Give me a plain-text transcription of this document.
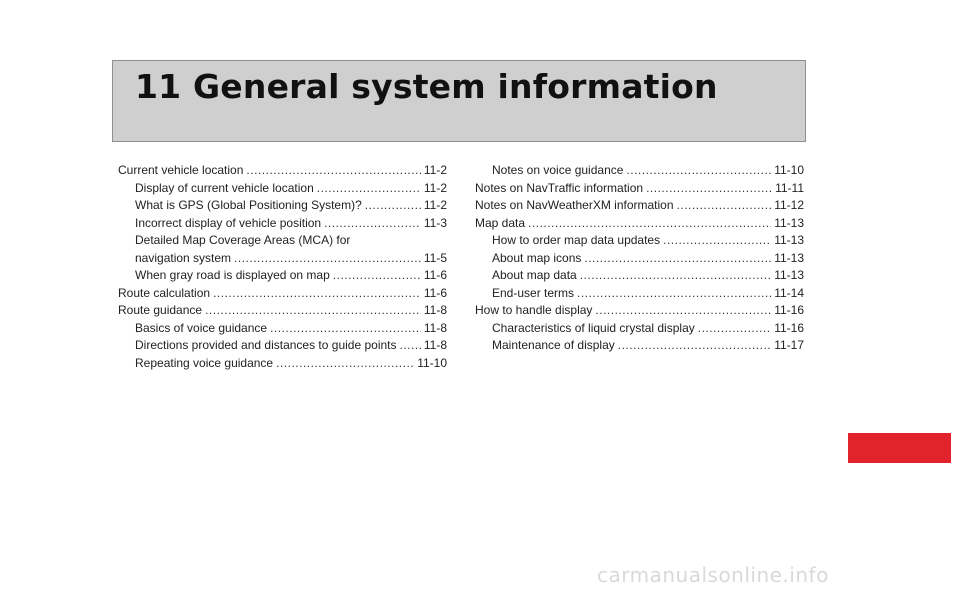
11 General system information
Current vehicle location .....	11-2
Display of current vehicle location .....	11-2
What is GPS (Global Positioning System)? .....	11-2
Incorrect display of vehicle position .....	11-3
Detailed Map Coverage Areas (MCA) for
navigation system .....	11-5
When gray road is displayed on map .....	11-6
Route calculation .....	11-6
Route guidance .....	11-8
Basics of voice guidance .....	11-8
Directions provided and distances to guide points ..... 11-8
Repeating voice guidance .....	11-10
Notes on voice guidance .....	11-10
Notes on NavTraffic information .....	11-11
Notes on NavWeatherXM information .....	11-12
Map data .....	11-13
How to order map data updates .....	11-13
About map icons .....	11-13
About map data .....	11-13
End-user terms .....	11-14
How to handle display .....	11-16
Characteristics of liquid crystal display .....	11-16
Maintenance of display .....	11-17
carmanualsonline.info
